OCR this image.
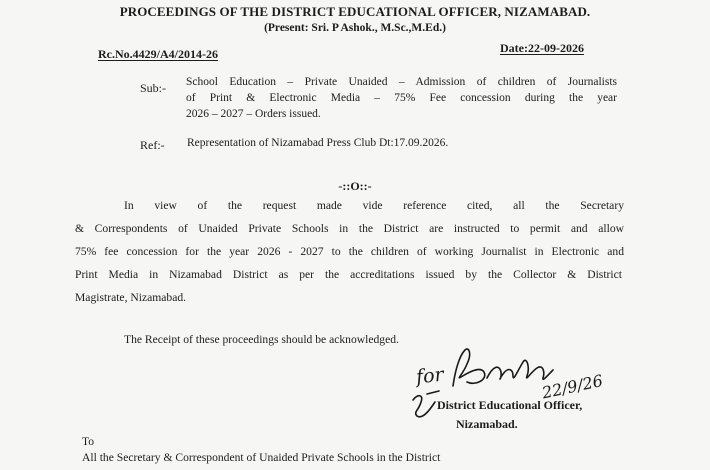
PROCEEDINGS OF THE DISTRICT EDUCATIONAL OFFICER, NIZAMABAD.
(Present: Sri. P Ashok., M.Sc.,M.Ed.)
Rc.No.4429/A4/2014-26	Date:22-09-2026
Sub:- School Education – Private Unaided – Admission of children of Journalists
of Print & Electronic Media – 75% Fee concession during the year
2026 – 2027 – Orders issued.
Ref:- Representation of Nizamabad Press Club Dt:17.09.2026.
-::O::-
In view of the request made vide reference cited, all the Secretary
& Correspondents of Unaided Private Schools in the District are instructed to permit and allow
75% fee concession for the year 2026 - 2027 to the children of working Journalist in Electronic and
Print Media in Nizamabad District as per the accreditations issued by the Collector & District
Magistrate, Nizamabad.
The Receipt of these proceedings should be acknowledged.
for	22/9/26
District Educational Officer,
Nizamabad.
To
All the Secretary & Correspondent of Unaided Private Schools in the District
